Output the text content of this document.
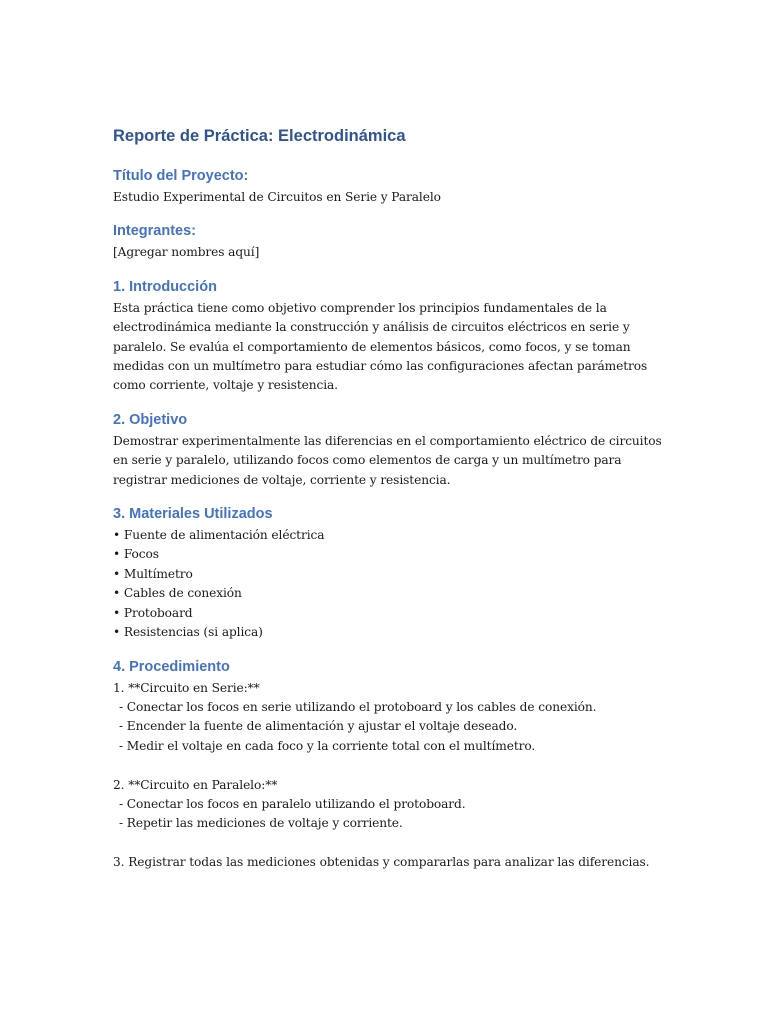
Reporte de Práctica: Electrodinámica
Título del Proyecto:

Estudio Experimental de Circuitos en Serie y Paralelo

Integrantes:

[Agregar nombres aquí]

1. Introducción

Esta práctica tiene como objetivo comprender los principios fundamentales de la
electrodinámica mediante la construcción y análisis de circuitos eléctricos en serie y
paralelo. Se evalúa el comportamiento de elementos básicos, como focos, y se toman
medidas con un multímetro para estudiar cómo las configuraciones afectan parámetros
como corriente, voltaje y resistencia.

2. Objetivo

Demostrar experimentalmente las diferencias en el comportamiento eléctrico de circuitos
en serie y paralelo, utilizando focos como elementos de carga y un multímetro para
registrar mediciones de voltaje, corriente y resistencia.

3. Materiales Utilizados
• Fuente de alimentación eléctrica
• Focos
• Multímetro
• Cables de conexión
• Protoboard
• Resistencias (si aplica)
4. Procedimiento
1. **Circuito en Serie:**
- Conectar los focos en serie utilizando el protoboard y los cables de conexión.
- Encender la fuente de alimentación y ajustar el voltaje deseado.
- Medir el voltaje en cada foco y la corriente total con el multímetro.
2. **Circuito en Paralelo:**
- Conectar los focos en paralelo utilizando el protoboard.
- Repetir las mediciones de voltaje y corriente.
3. Registrar todas las mediciones obtenidas y compararlas para analizar las diferencias.
